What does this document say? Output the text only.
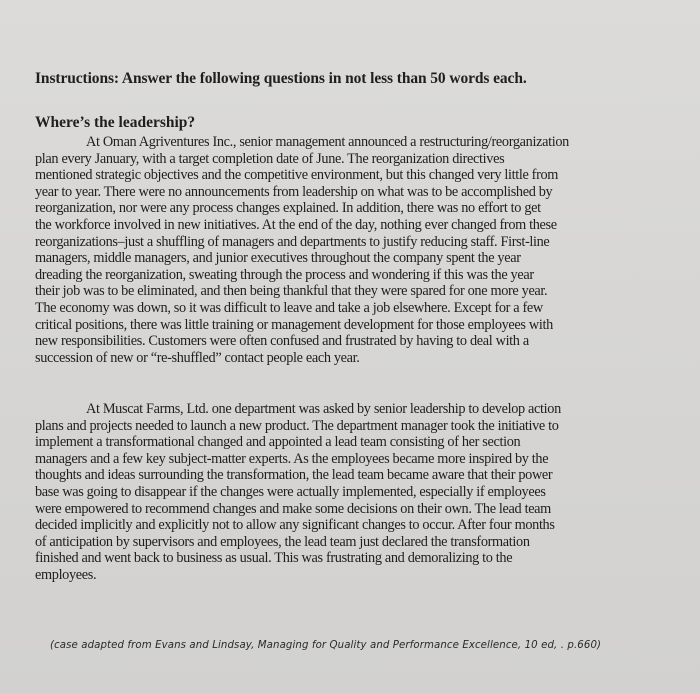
Instructions: Answer the following questions in not less than 50 words each.
Where’s the leadership?
At Oman Agriventures Inc., senior management announced a restructuring/reorganization
plan every January, with a target completion date of June. The reorganization directives
mentioned strategic objectives and the competitive environment, but this changed very little from
year to year. There were no announcements from leadership on what was to be accomplished by
reorganization, nor were any process changes explained. In addition, there was no effort to get
the workforce involved in new initiatives. At the end of the day, nothing ever changed from these
reorganizations–just a shuffling of managers and departments to justify reducing staff. First-line
managers, middle managers, and junior executives throughout the company spent the year
dreading the reorganization, sweating through the process and wondering if this was the year
their job was to be eliminated, and then being thankful that they were spared for one more year.
The economy was down, so it was difficult to leave and take a job elsewhere. Except for a few
critical positions, there was little training or management development for those employees with
new responsibilities. Customers were often confused and frustrated by having to deal with a
succession of new or “re-shuffled” contact people each year.
At Muscat Farms, Ltd. one department was asked by senior leadership to develop action
plans and projects needed to launch a new product. The department manager took the initiative to
implement a transformational changed and appointed a lead team consisting of her section
managers and a few key subject-matter experts. As the employees became more inspired by the
thoughts and ideas surrounding the transformation, the lead team became aware that their power
base was going to disappear if the changes were actually implemented, especially if employees
were empowered to recommend changes and make some decisions on their own. The lead team
decided implicitly and explicitly not to allow any significant changes to occur. After four months
of anticipation by supervisors and employees, the lead team just declared the transformation
finished and went back to business as usual. This was frustrating and demoralizing to the
employees.
(case adapted from Evans and Lindsay, Managing for Quality and Performance Excellence, 10 ed, . p.660)
